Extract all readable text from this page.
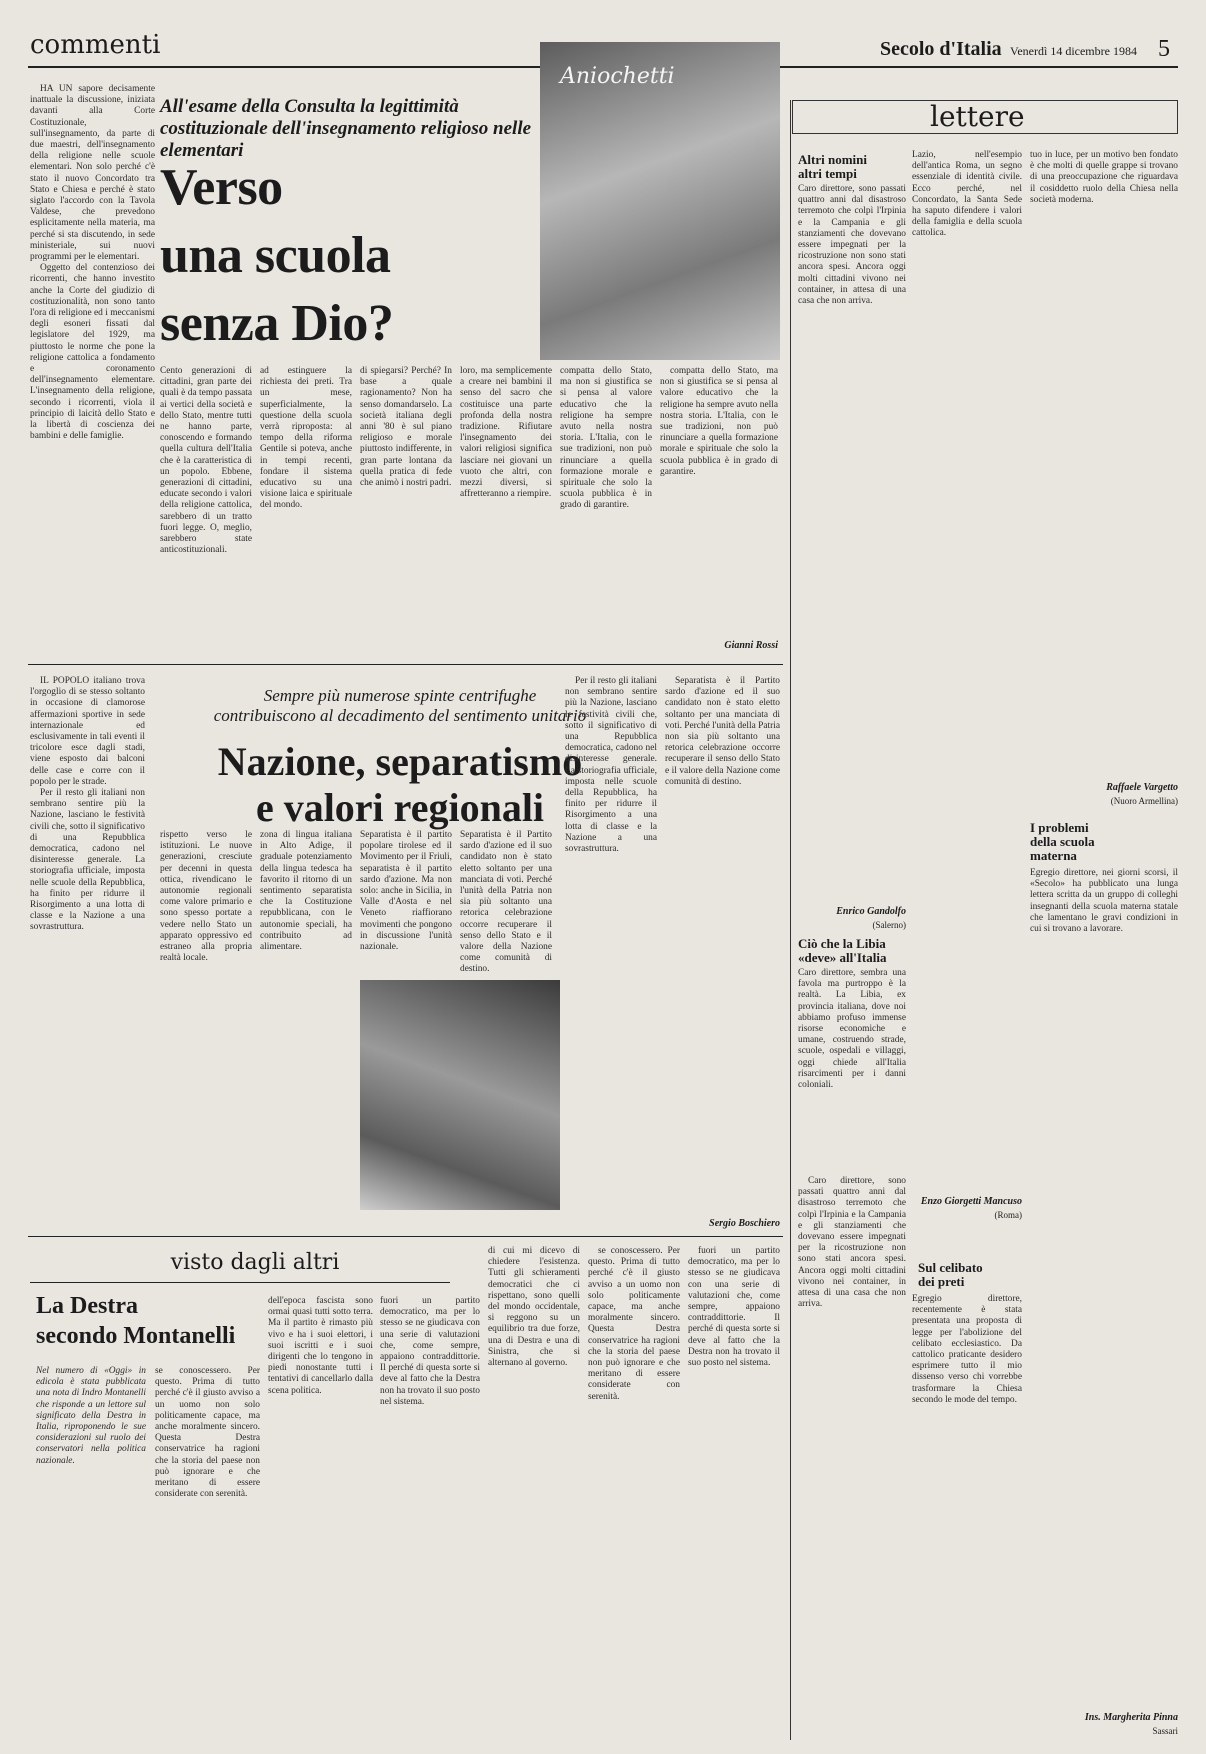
commenti	Secolo d'Italia Venerdì 14 dicembre 1984 5

HA UN sapore decisamente inattuale la discussione, iniziata davanti alla Corte Costituzionale, sull'insegnamento, da parte di due maestri, dell'insegnamento della religione nelle scuole elementari. Non solo perché c'è stato il nuovo Concordato tra Stato e Chiesa e perché è stato siglato l'accordo con la Tavola Valdese, che prevedono esplicitamente nella materia, ma perché si sta discutendo, in sede ministeriale, sui nuovi programmi per le elementari.

Oggetto del contenzioso dei ricorrenti, che hanno investito anche la Corte del giudizio di costituzionalità, non sono tanto l'ora di religione ed i meccanismi degli esoneri fissati dal legislatore del 1929, ma piuttosto le norme che pone la religione cattolica a fondamento e coronamento dell'insegnamento elementare. L'insegnamento della religione, secondo i ricorrenti, viola il principio di laicità dello Stato e la libertà di coscienza dei bambini e delle famiglie.

All'esame della Consulta la legittimità costituzionale dell'insegnamento religioso nelle elementari
Verso
una scuola
senza Dio?
Aniochetti
Cento generazioni di cittadini, gran parte dei quali è da tempo passata ai vertici della società e dello Stato, mentre tutti ne hanno parte, conoscendo e formando quella cultura dell'Italia che è la caratteristica di un popolo. Ebbene, generazioni di cittadini, educate secondo i valori della religione cattolica, sarebbero di un tratto fuori legge. O, meglio, sarebbero state anticostituzionali.
ad estinguere la richiesta dei preti. Tra un mese, superficialmente, la questione della scuola verrà riproposta: al tempo della riforma Gentile si poteva, anche in tempi recenti, fondare il sistema educativo su una visione laica e spirituale del mondo.
di spiegarsi? Perché? In base a quale ragionamento? Non ha senso domandarselo. La società italiana degli anni '80 è sul piano religioso e morale piuttosto indifferente, in gran parte lontana da quella pratica di fede che animò i nostri padri.
loro, ma semplicemente a creare nei bambini il senso del sacro che costituisce una parte profonda della nostra tradizione. Rifiutare l'insegnamento dei valori religiosi significa lasciare nei giovani un vuoto che altri, con mezzi diversi, si affretteranno a riempire.
compatta dello Stato, ma non si giustifica se si pensa al valore educativo che la religione ha sempre avuto nella nostra storia. L'Italia, con le sue tradizioni, non può rinunciare a quella formazione morale e spirituale che solo la scuola pubblica è in grado di garantire.

compatta dello Stato, ma non si giustifica se si pensa al valore educativo che la religione ha sempre avuto nella nostra storia. L'Italia, con le sue tradizioni, non può rinunciare a quella formazione morale e spirituale che solo la scuola pubblica è in grado di garantire.

Gianni Rossi

IL POPOLO italiano trova l'orgoglio di se stesso soltanto in occasione di clamorose affermazioni sportive in sede internazionale ed esclusivamente in tali eventi il tricolore esce dagli stadi, viene esposto dai balconi delle case e corre con il popolo per le strade.

Per il resto gli italiani non sembrano sentire più la Nazione, lasciano le festività civili che, sotto il significativo di una Repubblica democratica, cadono nel disinteresse generale. La storiografia ufficiale, imposta nelle scuole della Repubblica, ha finito per ridurre il Risorgimento a una lotta di classe e la Nazione a una sovrastruttura.

Sempre più numerose spinte centrifughe
contribuiscono al decadimento del sentimento unitario
Nazione, separatismo
e valori regionali
rispetto verso le istituzioni. Le nuove generazioni, cresciute per decenni in questa ottica, rivendicano le autonomie regionali come valore primario e sono spesso portate a vedere nello Stato un apparato oppressivo ed estraneo alla propria realtà locale.
zona di lingua italiana in Alto Adige, il graduale potenziamento della lingua tedesca ha favorito il ritorno di un sentimento separatista che la Costituzione repubblicana, con le autonomie speciali, ha contribuito ad alimentare.
Separatista è il partito popolare tirolese ed il Movimento per il Friuli, separatista è il partito sardo d'azione. Ma non solo: anche in Sicilia, in Valle d'Aosta e nel Veneto riaffiorano movimenti che pongono in discussione l'unità nazionale.
Separatista è il Partito sardo d'azione ed il suo candidato non è stato eletto soltanto per una manciata di voti. Perché l'unità della Patria non sia più soltanto una retorica celebrazione occorre recuperare il senso dello Stato e il valore della Nazione come comunità di destino.

Per il resto gli italiani non sembrano sentire più la Nazione, lasciano le festività civili che, sotto il significativo di una Repubblica democratica, cadono nel disinteresse generale. La storiografia ufficiale, imposta nelle scuole della Repubblica, ha finito per ridurre il Risorgimento a una lotta di classe e la Nazione a una sovrastruttura.

Separatista è il Partito sardo d'azione ed il suo candidato non è stato eletto soltanto per una manciata di voti. Perché l'unità della Patria non sia più soltanto una retorica celebrazione occorre recuperare il senso dello Stato e il valore della Nazione come comunità di destino.

Sergio Boschiero
visto dagli altri
La Destra
secondo Montanelli
Nel numero di «Oggi» in edicola è stata pubblicata una nota di Indro Montanelli che risponde a un lettore sul significato della Destra in Italia, riproponendo le sue considerazioni sul ruolo dei conservatori nella politica nazionale.
se conoscessero. Per questo. Prima di tutto perché c'è il giusto avviso a un uomo non solo politicamente capace, ma anche moralmente sincero. Questa Destra conservatrice ha ragioni che la storia del paese non può ignorare e che meritano di essere considerate con serenità.
dell'epoca fascista sono ormai quasi tutti sotto terra. Ma il partito è rimasto più vivo e ha i suoi elettori, i suoi iscritti e i suoi dirigenti che lo tengono in piedi nonostante tutti i tentativi di cancellarlo dalla scena politica.
fuori un partito democratico, ma per lo stesso se ne giudicava con una serie di valutazioni che, come sempre, appaiono contraddittorie. Il perché di questa sorte si deve al fatto che la Destra non ha trovato il suo posto nel sistema.
di cui mi dicevo di chiedere l'esistenza. Tutti gli schieramenti democratici che ci rispettano, sono quelli del mondo occidentale, si reggono su un equilibrio tra due forze, una di Destra e una di Sinistra, che si alternano al governo.

se conoscessero. Per questo. Prima di tutto perché c'è il giusto avviso a un uomo non solo politicamente capace, ma anche moralmente sincero. Questa Destra conservatrice ha ragioni che la storia del paese non può ignorare e che meritano di essere considerate con serenità.

fuori un partito democratico, ma per lo stesso se ne giudicava con una serie di valutazioni che, come sempre, appaiono contraddittorie. Il perché di questa sorte si deve al fatto che la Destra non ha trovato il suo posto nel sistema.

lettere
Altri nomini
altri tempi
Caro direttore, sono passati quattro anni dal disastroso terremoto che colpì l'Irpinia e la Campania e gli stanziamenti che dovevano essere impegnati per la ricostruzione non sono stati ancora spesi. Ancora oggi molti cittadini vivono nei container, in attesa di una casa che non arriva.
Enrico Gandolfo
(Salerno)
Ciò che la Libia
«deve» all'Italia
Caro direttore, sembra una favola ma purtroppo è la realtà. La Libia, ex provincia italiana, dove noi abbiamo profuso immense risorse economiche e umane, costruendo strade, scuole, ospedali e villaggi, oggi chiede all'Italia risarcimenti per i danni coloniali.
Lazio, nell'esempio dell'antica Roma, un segno essenziale di identità civile. Ecco perché, nel Concordato, la Santa Sede ha saputo difendere i valori della famiglia e della scuola cattolica.
Enzo Giorgetti Mancuso
(Roma)
Sul celibato
dei preti
Egregio direttore, recentemente è stata presentata una proposta di legge per l'abolizione del celibato ecclesiastico. Da cattolico praticante desidero esprimere tutto il mio dissenso verso chi vorrebbe trasformare la Chiesa secondo le mode del tempo.

Caro direttore, sono passati quattro anni dal disastroso terremoto che colpì l'Irpinia e la Campania e gli stanziamenti che dovevano essere impegnati per la ricostruzione non sono stati ancora spesi. Ancora oggi molti cittadini vivono nei container, in attesa di una casa che non arriva.

tuo in luce, per un motivo ben fondato è che molti di quelle grappe si trovano di una preoccupazione che riguardava il cosiddetto ruolo della Chiesa nella società moderna.
Raffaele Vargetto
(Nuoro Armellina)
I problemi
della scuola
materna
Egregio direttore, nei giorni scorsi, il «Secolo» ha pubblicato una lunga lettera scritta da un gruppo di colleghi insegnanti della scuola materna statale che lamentano le gravi condizioni in cui si trovano a lavorare.
Ins. Margherita Pinna
Sassari
